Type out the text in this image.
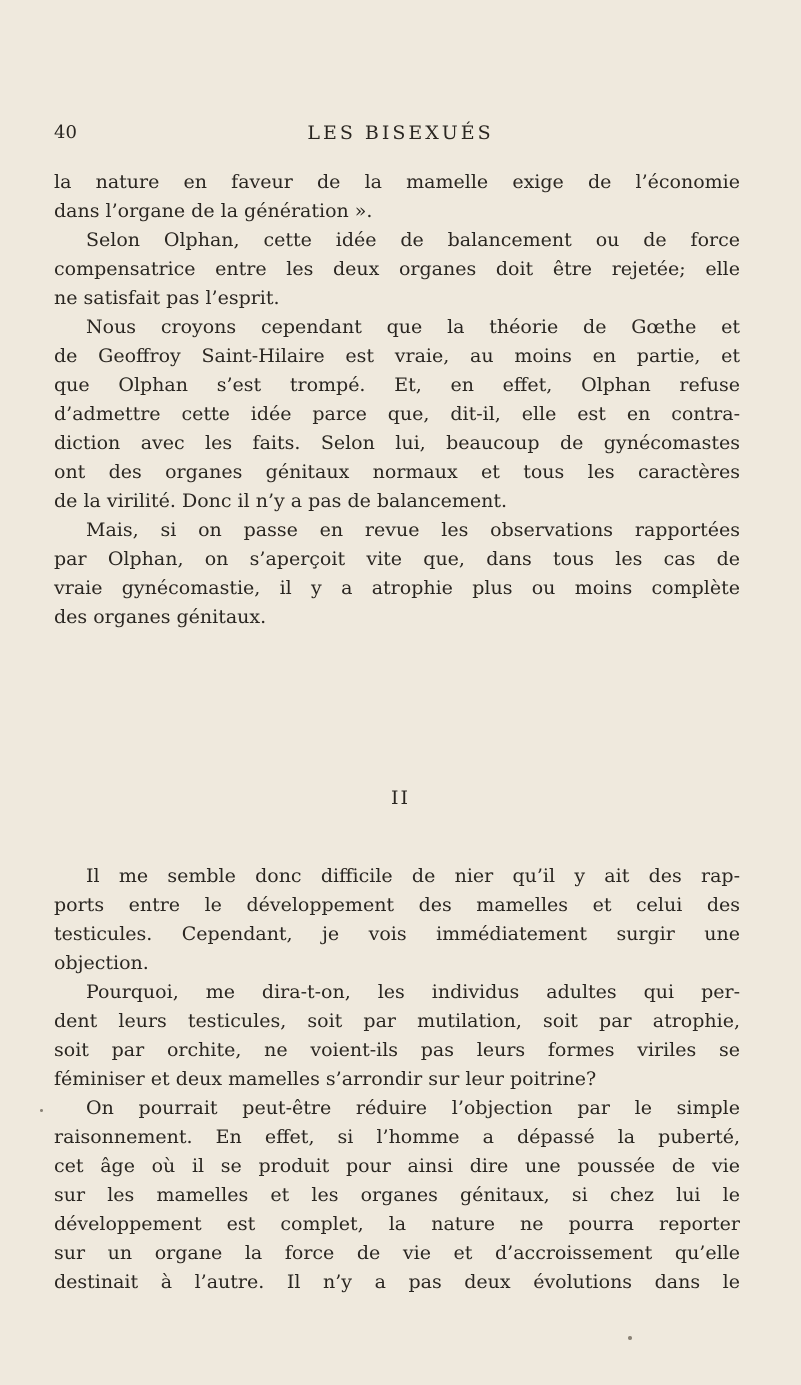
40	LES BISEXUÉS
la nature en faveur de la mamelle exige de l’économie
dans l’organe de la génération ».
Selon Olphan, cette idée de balancement ou de force
compensatrice entre les deux organes doit être rejetée; elle
ne satisfait pas l’esprit.
Nous croyons cependant que la théorie de Gœthe et
de Geoffroy Saint-Hilaire est vraie, au moins en partie, et
que Olphan s’est trompé. Et, en effet, Olphan refuse
d’admettre cette idée parce que, dit-il, elle est en contra-
diction avec les faits. Selon lui, beaucoup de gynécomastes
ont des organes génitaux normaux et tous les caractères
de la virilité. Donc il n’y a pas de balancement.
Mais, si on passe en revue les observations rapportées
par Olphan, on s’aperçoit vite que, dans tous les cas de
vraie gynécomastie, il y a atrophie plus ou moins complète
des organes génitaux.
II
Il me semble donc difficile de nier qu’il y ait des rap-
ports entre le développement des mamelles et celui des
testicules. Cependant, je vois immédiatement surgir une
objection.
Pourquoi, me dira-t-on, les individus adultes qui per-
dent leurs testicules, soit par mutilation, soit par atrophie,
soit par orchite, ne voient-ils pas leurs formes viriles se
féminiser et deux mamelles s’arrondir sur leur poitrine?
On pourrait peut-être réduire l’objection par le simple
raisonnement. En effet, si l’homme a dépassé la puberté,
cet âge où il se produit pour ainsi dire une poussée de vie
sur les mamelles et les organes génitaux, si chez lui le
développement est complet, la nature ne pourra reporter
sur un organe la force de vie et d’accroissement qu’elle
destinait à l’autre. Il n’y a pas deux évolutions dans le
